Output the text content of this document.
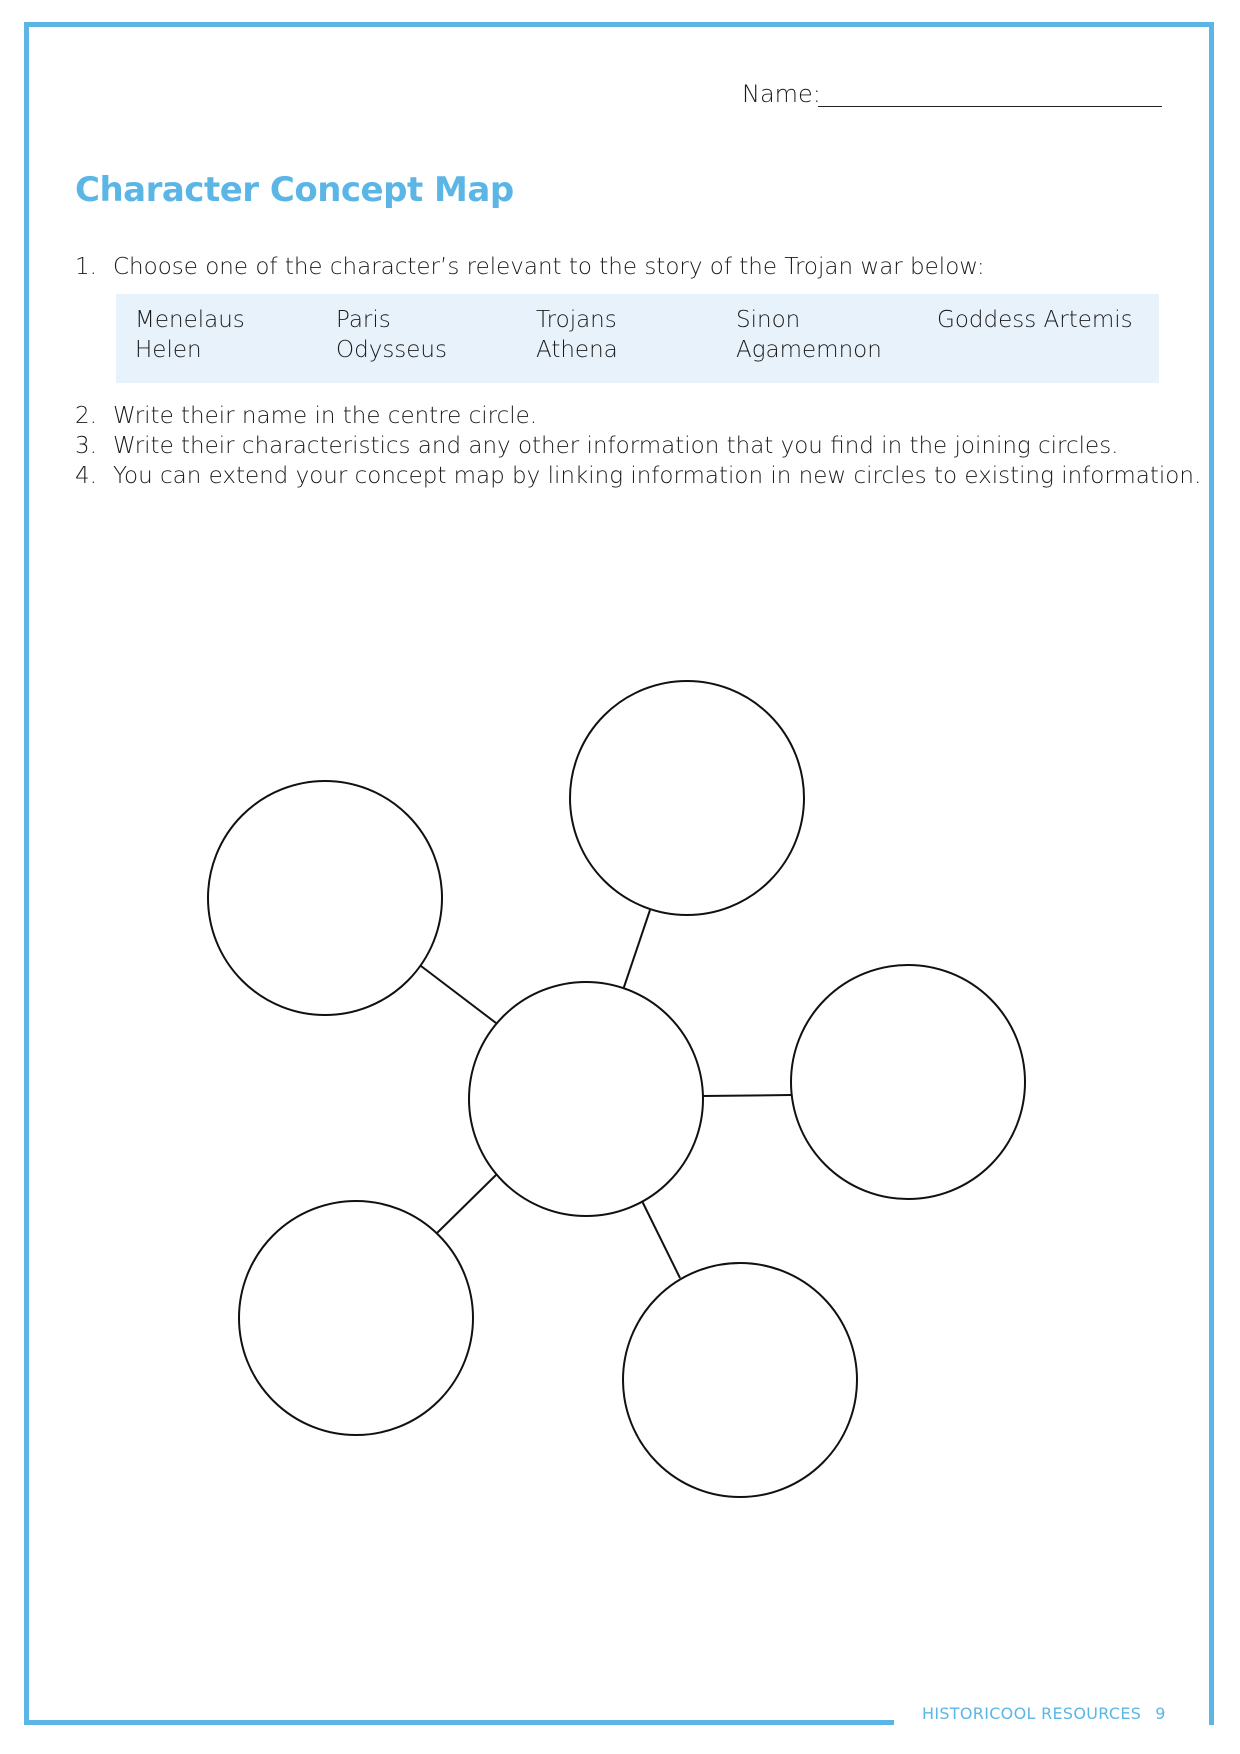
Name:
Character Concept Map
1. Choose one of the character’s relevant to the story of the Trojan war below:
Menelaus
Helen
Paris
Odysseus
Trojans
Athena
Sinon
Agamemnon
Goddess Artemis
2. Write their name in the centre circle.
3. Write their characteristics and any other information that you find in the joining circles.
4. You can extend your concept map by linking information in new circles to existing information.
HISTORICOOL RESOURCES 9
